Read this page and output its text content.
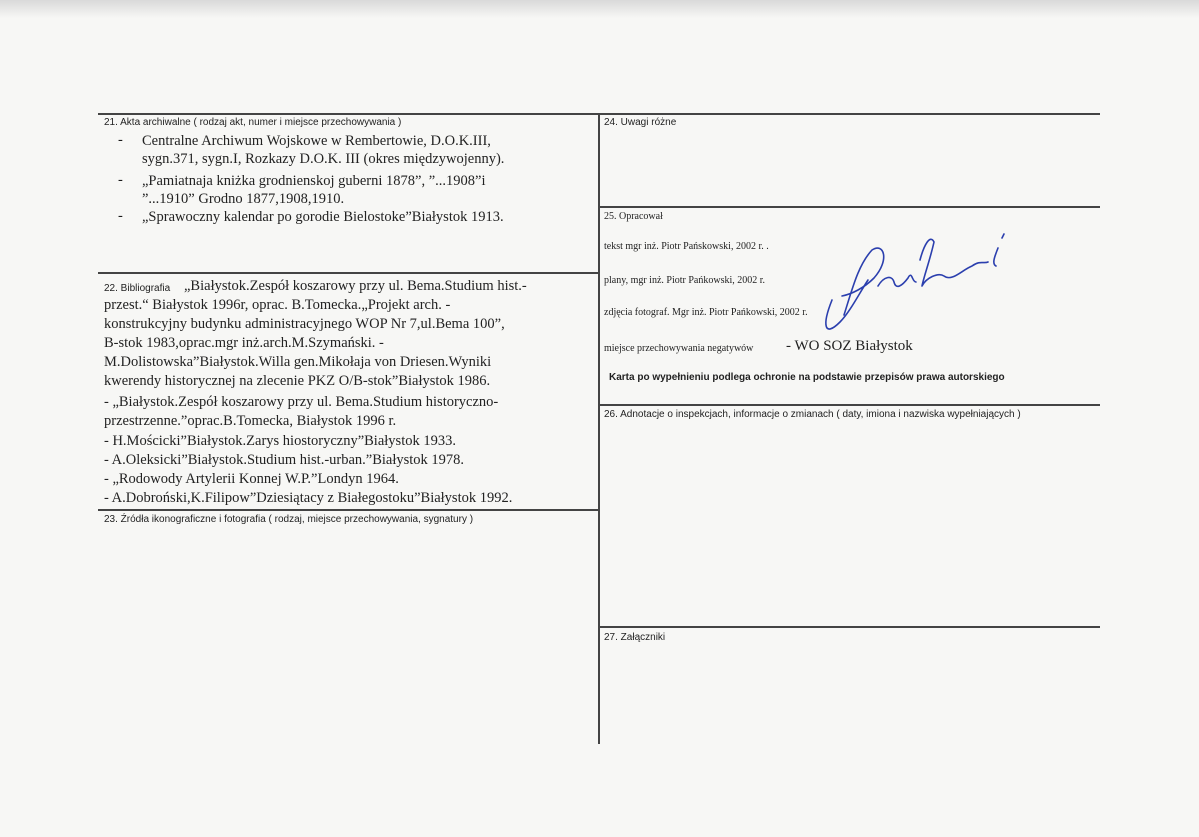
21. Akta archiwalne ( rodzaj akt, numer i miejsce przechowywania )
- Centralne Archiwum Wojskowe w Rembertowie, D.O.K.III,
sygn.371, sygn.I, Rozkazy D.O.K. III (okres międzywojenny).
- „Pamiatnaja kniżka grodnienskoj guberni 1878”, ”...1908”i
”...1910” Grodno 1877,1908,1910.
- „Sprawoczny kalendar po gorodie Bielostoke”Białystok 1913.
22. Bibliografia „Białystok.Zespół koszarowy przy ul. Bema.Studium hist.-
przest.“ Białystok 1996r, oprac. B.Tomecka.„Projekt arch. -
konstrukcyjny budynku administracyjnego WOP Nr 7,ul.Bema 100”,
B-stok 1983,oprac.mgr inż.arch.M.Szymański. -
M.Dolistowska”Białystok.Willa gen.Mikołaja von Driesen.Wyniki
kwerendy historycznej na zlecenie PKZ O/B-stok”Białystok 1986.
- „Białystok.Zespół koszarowy przy ul. Bema.Studium historyczno-
przestrzenne.”oprac.B.Tomecka, Białystok 1996 r.
- H.Mościcki”Białystok.Zarys hiostoryczny”Białystok 1933.
- A.Oleksicki”Białystok.Studium hist.-urban.”Białystok 1978.
- „Rodowody Artylerii Konnej W.P.”Londyn 1964.
- A.Dobroński,K.Filipow”Dziesiątacy z Białegostoku”Białystok 1992.
23. Źródła ikonograficzne i fotografia ( rodzaj, miejsce przechowywania, sygnatury )
24. Uwagi różne
25. Opracował
tekst mgr inż. Piotr Pańskowski, 2002 r. .
plany, mgr inż. Piotr Pańkowski, 2002 r.
zdjęcia fotograf. Mgr inż. Piotr Pańkowski, 2002 r.
miejsce przechowywania negatywów - WO SOZ Białystok
Karta po wypełnieniu podlega ochronie na podstawie przepisów prawa autorskiego
26. Adnotacje o inspekcjach, informacje o zmianach ( daty, imiona i nazwiska wypełniających )
27. Załączniki
